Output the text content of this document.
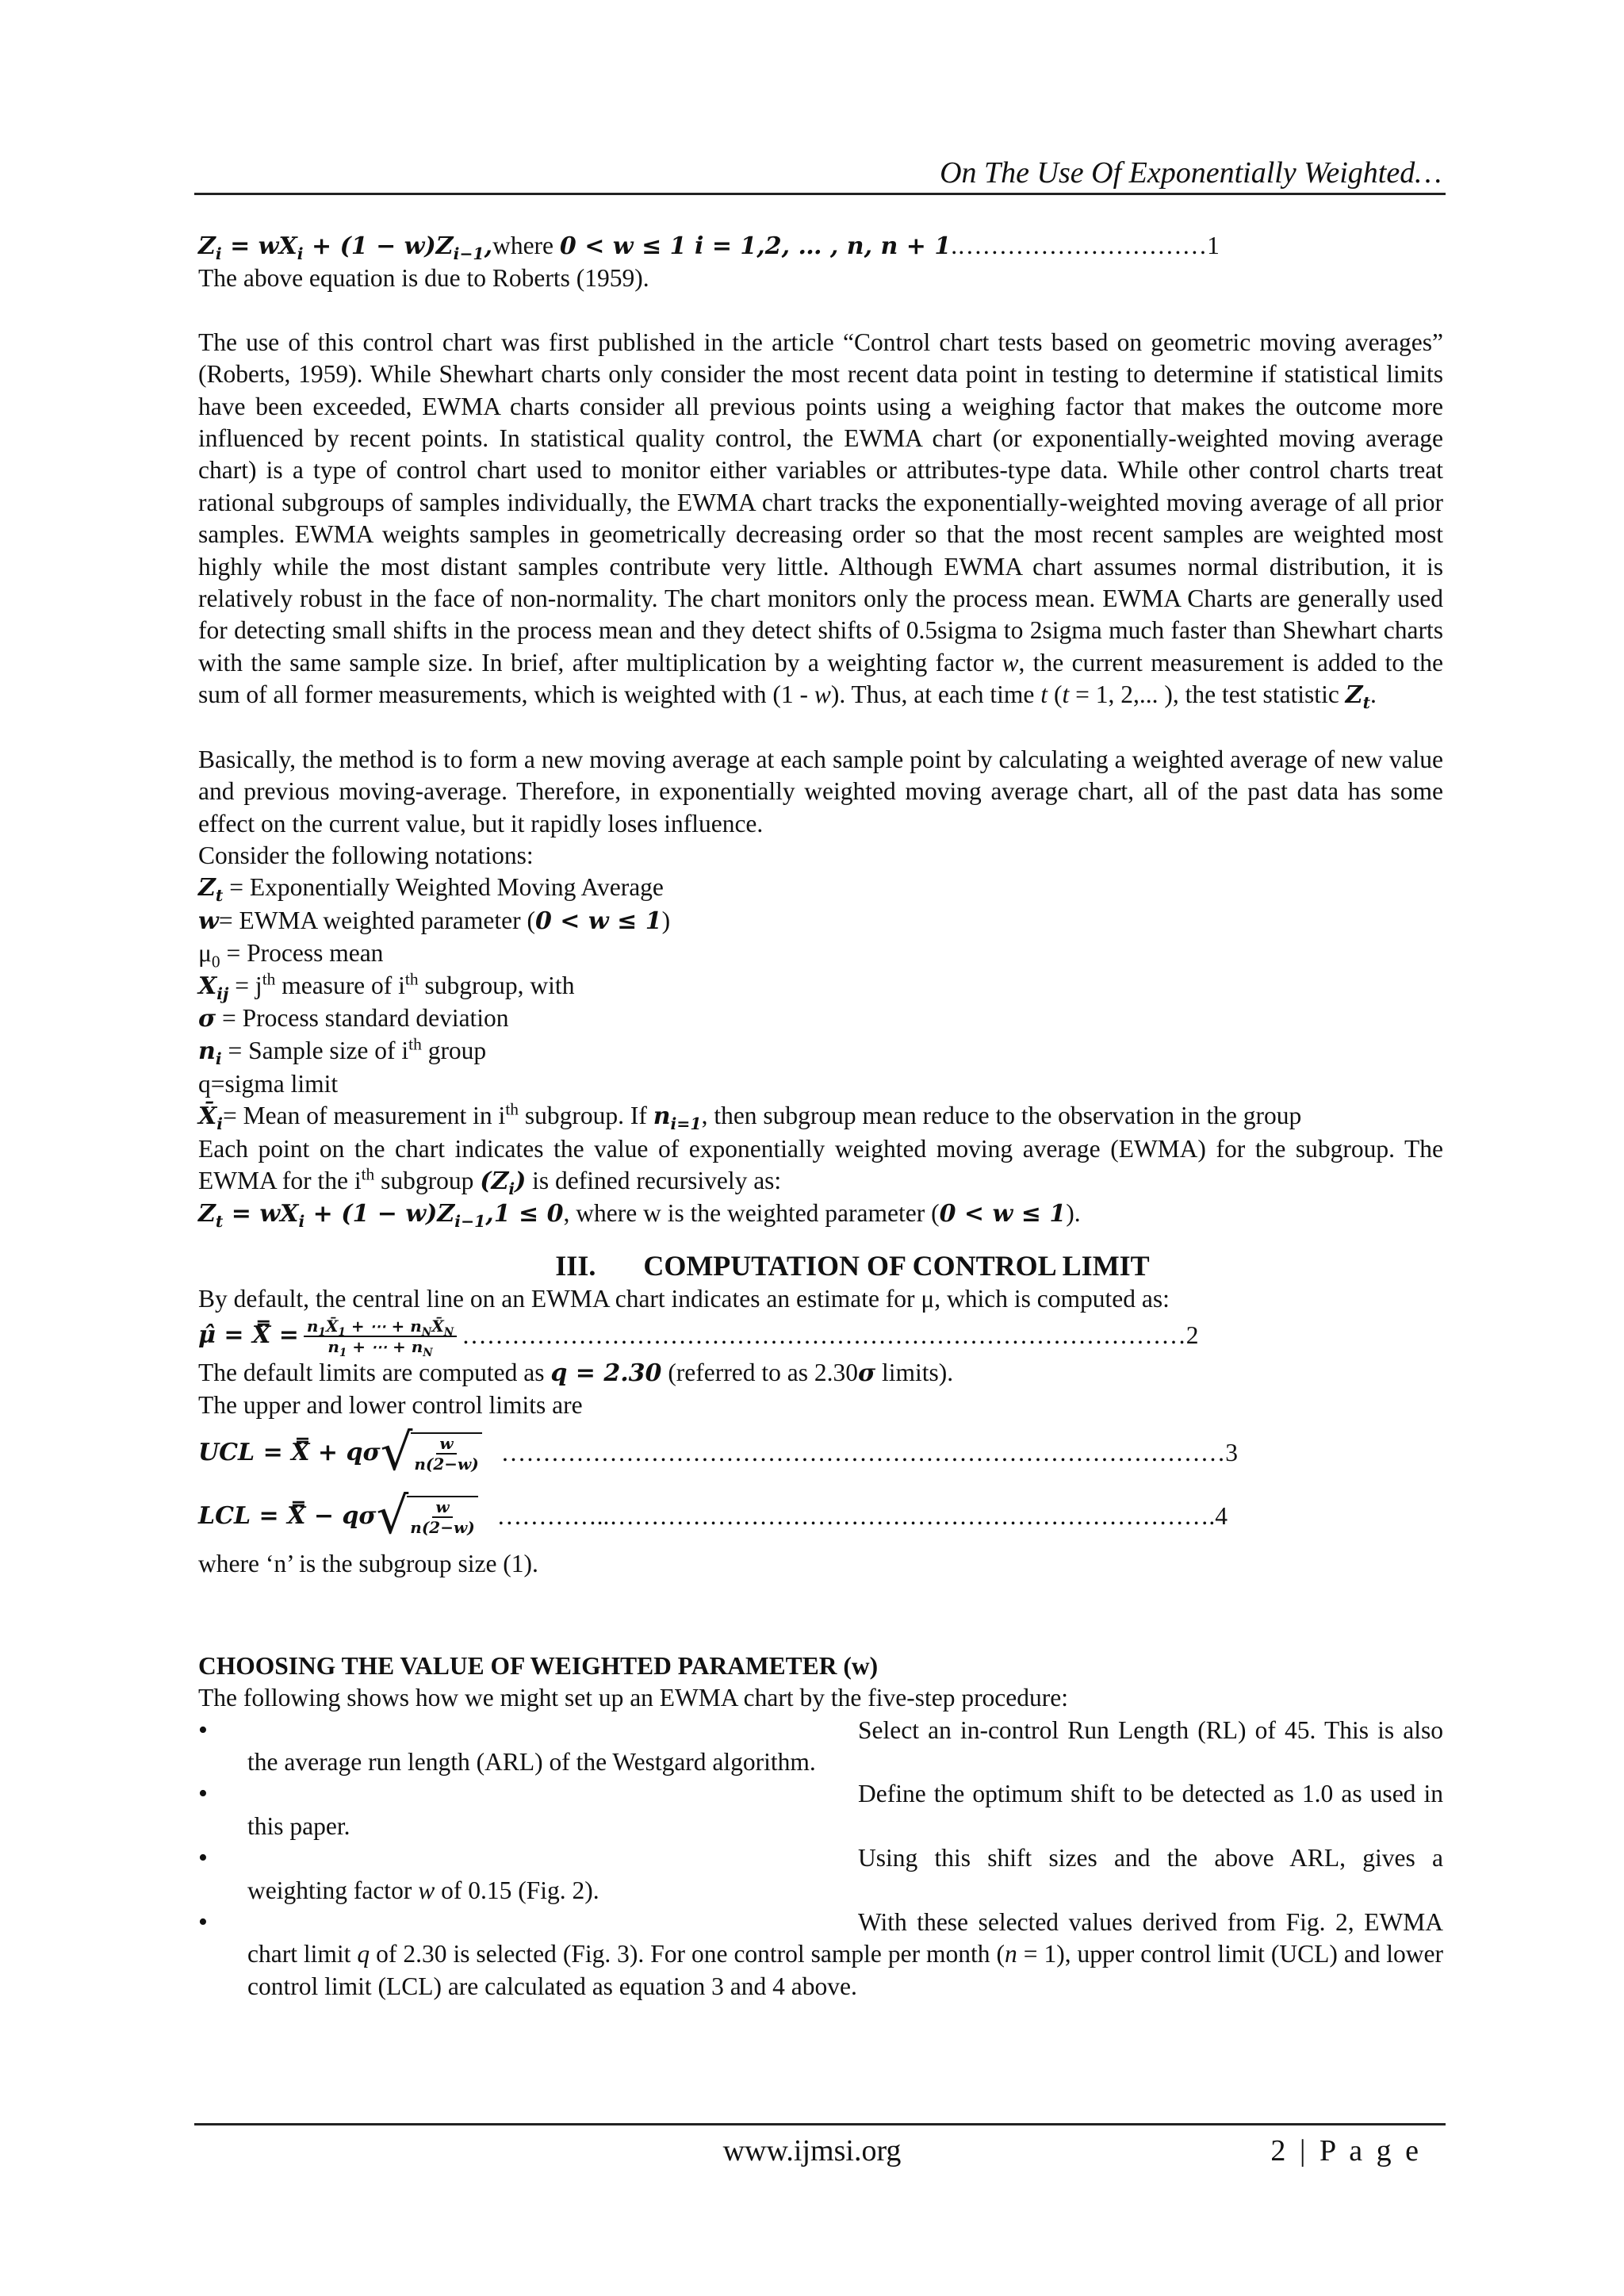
On The Use Of Exponentially Weighted…

$Z_i = wX_i + (1$ − $w)Z_{i-1},where$ 0 < w ≤ 1 i = 1,2, … , n, n + 1.…………………………1

The above equation is due to Roberts (1959).

The use of this control chart was first published in the article “Control chart tests based on geometric moving averages” (Roberts, 1959). While Shewhart charts only consider the most recent data point in testing to determine if statistical limits have been exceeded, EWMA charts consider all previous points using a weighing factor that makes the outcome more influenced by recent points. In statistical quality control, the EWMA chart (or exponentially-weighted moving average chart) is a type of control chart used to monitor either variables or attributes-type data. While other control charts treat rational subgroups of samples individually, the EWMA chart tracks the exponentially-weighted moving average of all prior samples. EWMA weights samples in geometrically decreasing order so that the most recent samples are weighted most highly while the most distant samples contribute very little. Although EWMA chart assumes normal distribution, it is relatively robust in the face of non-normality. The chart monitors only the process mean. EWMA Charts are generally used for detecting small shifts in the process mean and they detect shifts of 0.5sigma to 2sigma much faster than Shewhart charts with the same sample size. In brief, after multiplication by a weighting factor w, the current measurement is added to the sum of all former measurements, which is weighted with (1 - w). Thus, at each time t (t = 1, 2,... ), the test statistic $Z_t$.

Basically, the method is to form a new moving average at each sample point by calculating a weighted average of new value and previous moving-average. Therefore, in exponentially weighted moving average chart, all of the past data has some effect on the current value, but it rapidly loses influence.

Consider the following notations:

$Z_t$ = Exponentially Weighted Moving Average

w= EWMA weighted parameter (0 < w ≤ 1)

$\mu_0$ = Process mean

$X_{ij} = j^{th}$ measure of $i^{th}$ subgroup, with

σ = Process standard deviation

$n_i$ = Sample size of $i^{th}$ group

q=sigma limit

$X̄_i=$ Mean of measurement in $i^{th}$ subgroup. If $n_{i=1}$, then subgroup mean reduce to the observation in the group

Each point on the chart indicates the value of exponentially weighted moving average (EWMA) for the subgroup. The EWMA for the $i^{th}$ subgroup $(Z_i)$ is defined recursively as:

$Z_t = wX_i + (1 - w)Z_{i-1},1 \le 0$, where w is the weighted parameter (0 < w ≤ 1).

III. COMPUTATION OF CONTROL LIMIT

By default, the central line on an EWMA chart indicates an estimate for μ, which is computed as:

μ̂ = X̿ = $\frac{n_1X̄_1 + \cdots + n_NX̄_N}{n_1 + \cdots + n_N}$ …………………………………………………………………………… 2

The default limits are computed as q = 2.30 (referred to as 2.30σ limits).

The upper and lower control limits are

UCL = X̿ + qσ √
$\frac{w}{n(2-w)}$ …………………………………………………………………………… 3
LCL = X̿ − qσ √
$\frac{w}{n(2-w)}$ …………..………………………………………………………………. 4

where ‘n’ is the subgroup size (1).

CHOOSING THE VALUE OF WEIGHTED PARAMETER (w)

The following shows how we might set up an EWMA chart by the five-step procedure:

• Select an in-control Run Length (RL) of 45. This is also the average run length (ARL) of the Westgard algorithm.
• Define the optimum shift to be detected as 1.0 as used in this paper.
• Using this shift sizes and the above ARL, gives a weighting factor w of 0.15 (Fig. 2).
• With these selected values derived from Fig. 2, EWMA chart limit q of 2.30 is selected (Fig. 3). For one control sample per month (n = 1), upper control limit (UCL) and lower control limit (LCL) are calculated as equation 3 and 4 above.
www.ijmsi.org	2 | P a g e
